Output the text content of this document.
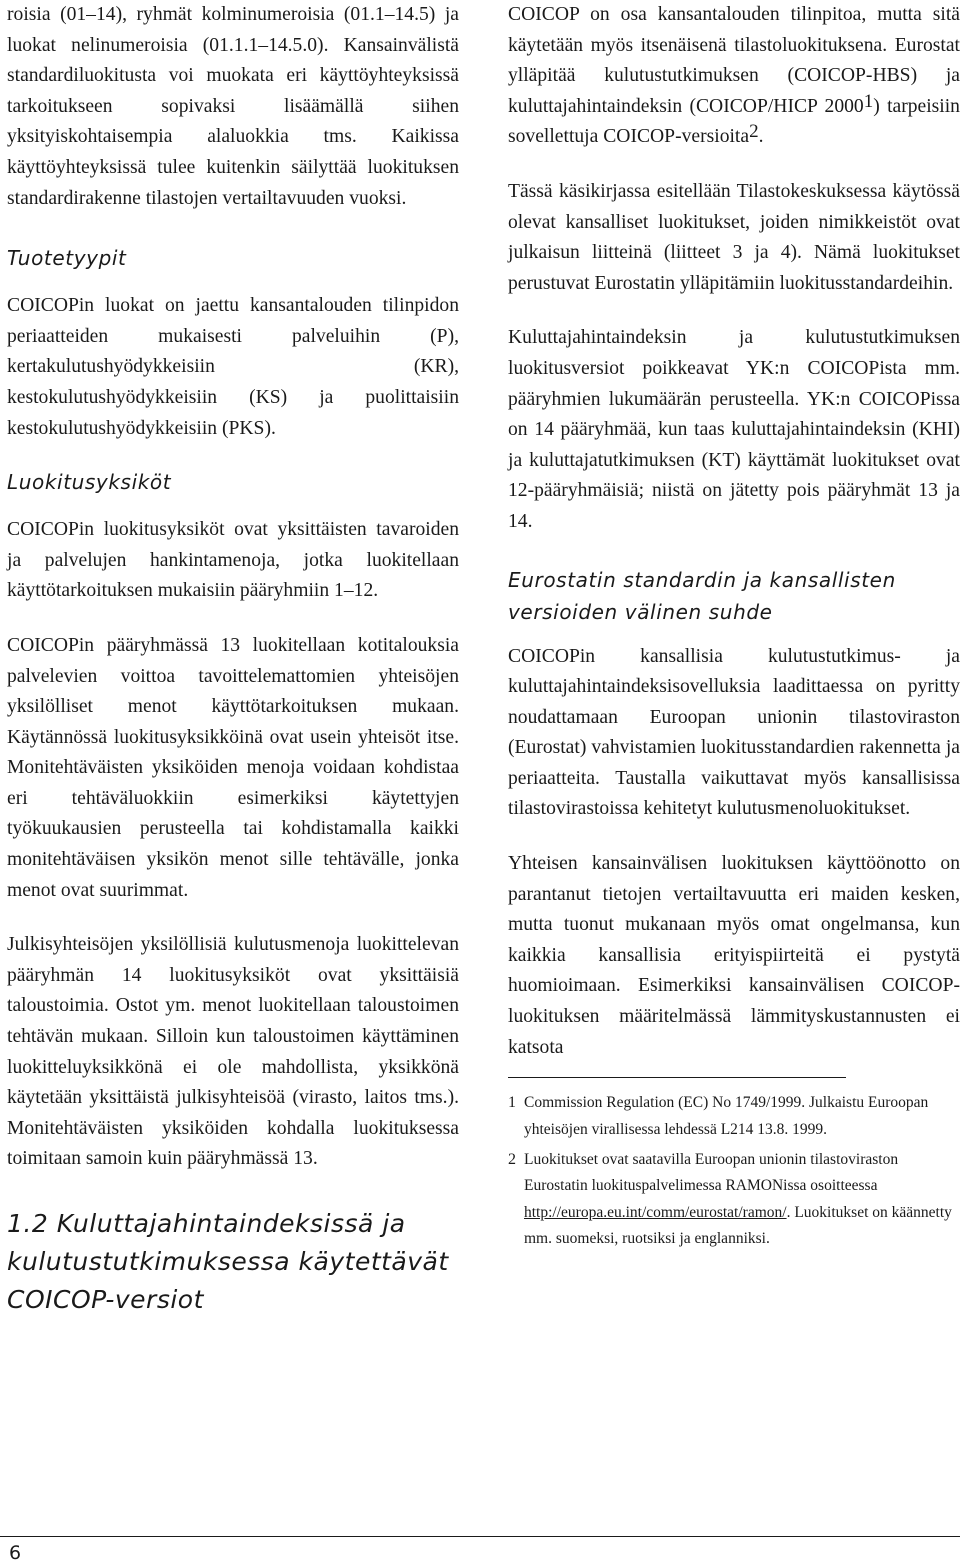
roisia (01–14), ryhmät kolminumeroisia (01.1–14.5) ja luokat nelinumeroisia (01.1.1–14.5.0). Kansainvälistä standardiluokitusta voi muokata eri käyttöyhteyksissä tarkoitukseen sopivaksi lisäämällä siihen yksityiskohtaisempia alaluokkia tms. Kaikissa käyttöyhteyksissä tulee kuitenkin säilyttää luokituksen standardirakenne tilastojen vertailtavuuden vuoksi.

Tuotetyypit

COICOPin luokat on jaettu kansantalouden tilinpidon periaatteiden mukaisesti palveluihin (P), kertakulutushyödykkeisiin (KR), kestokulutushyödykkeisiin (KS) ja puolittaisiin kestokulutushyödykkeisiin (PKS).

Luokitusyksiköt

COICOPin luokitusyksiköt ovat yksittäisten tavaroiden ja palvelujen hankintamenoja, jotka luokitellaan käyttötarkoituksen mukaisiin pääryhmiin 1–12.

COICOPin pääryhmässä 13 luokitellaan kotitalouksia palvelevien voittoa tavoittelemattomien yhteisöjen yksilölliset menot käyttötarkoituksen mukaan. Käytännössä luokitusyksikköinä ovat usein yhteisöt itse. Monitehtäväisten yksiköiden menoja voidaan kohdistaa eri tehtäväluokkiin esimerkiksi käytettyjen työkuukausien perusteella tai kohdistamalla kaikki monitehtäväisen yksikön menot sille tehtävälle, jonka menot ovat suurimmat.

Julkisyhteisöjen yksilöllisiä kulutusmenoja luokittelevan pääryhmän 14 luokitusyksiköt ovat yksittäisiä taloustoimia. Ostot ym. menot luokitellaan taloustoimen tehtävän mukaan. Silloin kun taloustoimen käyttäminen luokitteluyksikkönä ei ole mahdollista, yksikkönä käytetään yksittäistä julkisyhteisöä (virasto, laitos tms.). Monitehtäväisten yksiköiden kohdalla luokituksessa toimitaan samoin kuin pääryhmässä 13.

1.2 Kuluttajahintaindeksissä ja kulutustutkimuksessa käytettävät COICOP-versiot

COICOP on osa kansantalouden tilinpitoa, mutta sitä käytetään myös itsenäisenä tilastoluokituksena. Eurostat ylläpitää kulutustutkimuksen (COICOP-HBS) ja kuluttajahintaindeksin (COICOP/HICP 20001) tarpeisiin sovellettuja COICOP-versioita2.

Tässä käsikirjassa esitellään Tilastokeskuksessa käytössä olevat kansalliset luokitukset, joiden nimikkeistöt ovat julkaisun liitteinä (liitteet 3 ja 4). Nämä luokitukset perustuvat Eurostatin ylläpitämiin luokitusstandardeihin.

Kuluttajahintaindeksin ja kulutustutkimuksen luokitusversiot poikkeavat YK:n COICOPista mm. pääryhmien lukumäärän perusteella. YK:n COICOPissa on 14 pääryhmää, kun taas kuluttajahintaindeksin (KHI) ja kuluttajatutkimuksen (KT) käyttämät luokitukset ovat 12-pääryhmäisiä; niistä on jätetty pois pääryhmät 13 ja 14.

Eurostatin standardin ja kansallisten versioiden välinen suhde

COICOPin kansallisia kulutustutkimus- ja kuluttajahintaindeksisovelluksia laadittaessa on pyritty noudattamaan Euroopan unionin tilastoviraston (Eurostat) vahvistamien luokitusstandardien rakennetta ja periaatteita. Taustalla vaikuttavat myös kansallisissa tilastovirastoissa kehitetyt kulutusmenoluokitukset.

Yhteisen kansainvälisen luokituksen käyttöönotto on parantanut tietojen vertailtavuutta eri maiden kesken, mutta tuonut mukanaan myös omat ongelmansa, kun kaikkia kansallisia erityispiirteitä ei pystytä huomioimaan. Esimerkiksi kansainvälisen COICOP-luokituksen määritelmässä lämmityskustannusten ei katsota

1 Commission Regulation (EC) No 1749/1999. Julkaistu Euroopan yhteisöjen virallisessa lehdessä L214 13.8. 1999.

2 Luokitukset ovat saatavilla Euroopan unionin tilastoviraston Eurostatin luokituspalvelimessa RAMONissa osoitteessa http://europa.eu.int/comm/eurostat/ramon/. Luokitukset on käännetty mm. suomeksi, ruotsiksi ja englanniksi.

6
